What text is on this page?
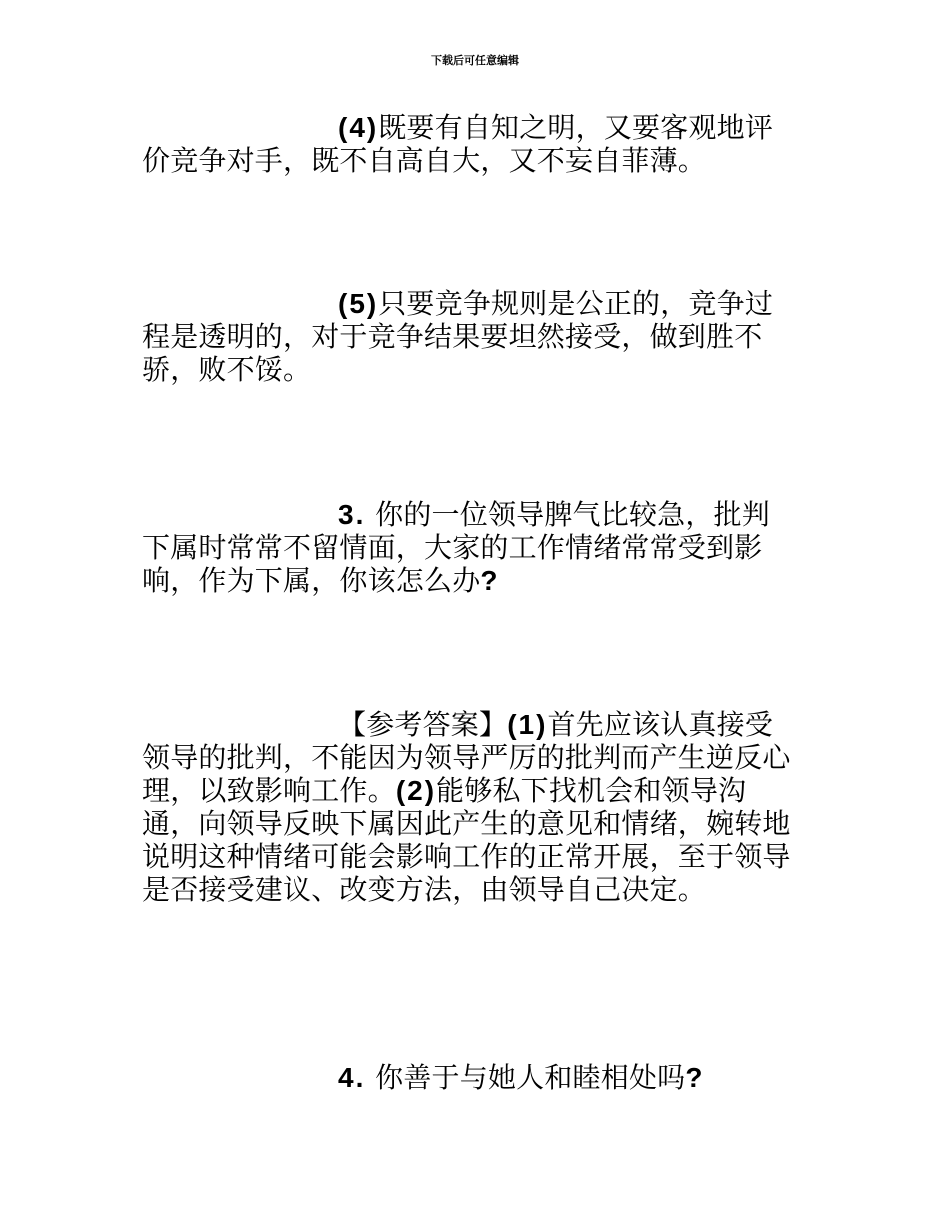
下载后可任意编辑

(4)既要有自知之明，又要客观地评价竞争对手，既不自高自大，又不妄自菲薄。

(5)只要竞争规则是公正的，竞争过程是透明的，对于竞争结果要坦然接受，做到胜不骄，败不馁。

3. 你的一位领导脾气比较急，批判下属时常常不留情面，大家的工作情绪常常受到影响，作为下属，你该怎么办?

【参考答案】(1)首先应该认真接受领导的批判，不能因为领导严厉的批判而产生逆反心理，以致影响工作。(2)能够私下找机会和领导沟通，向领导反映下属因此产生的意见和情绪，婉转地说明这种情绪可能会影响工作的正常开展，至于领导是否接受建议、改变方法，由领导自己决定。

4. 你善于与她人和睦相处吗?
